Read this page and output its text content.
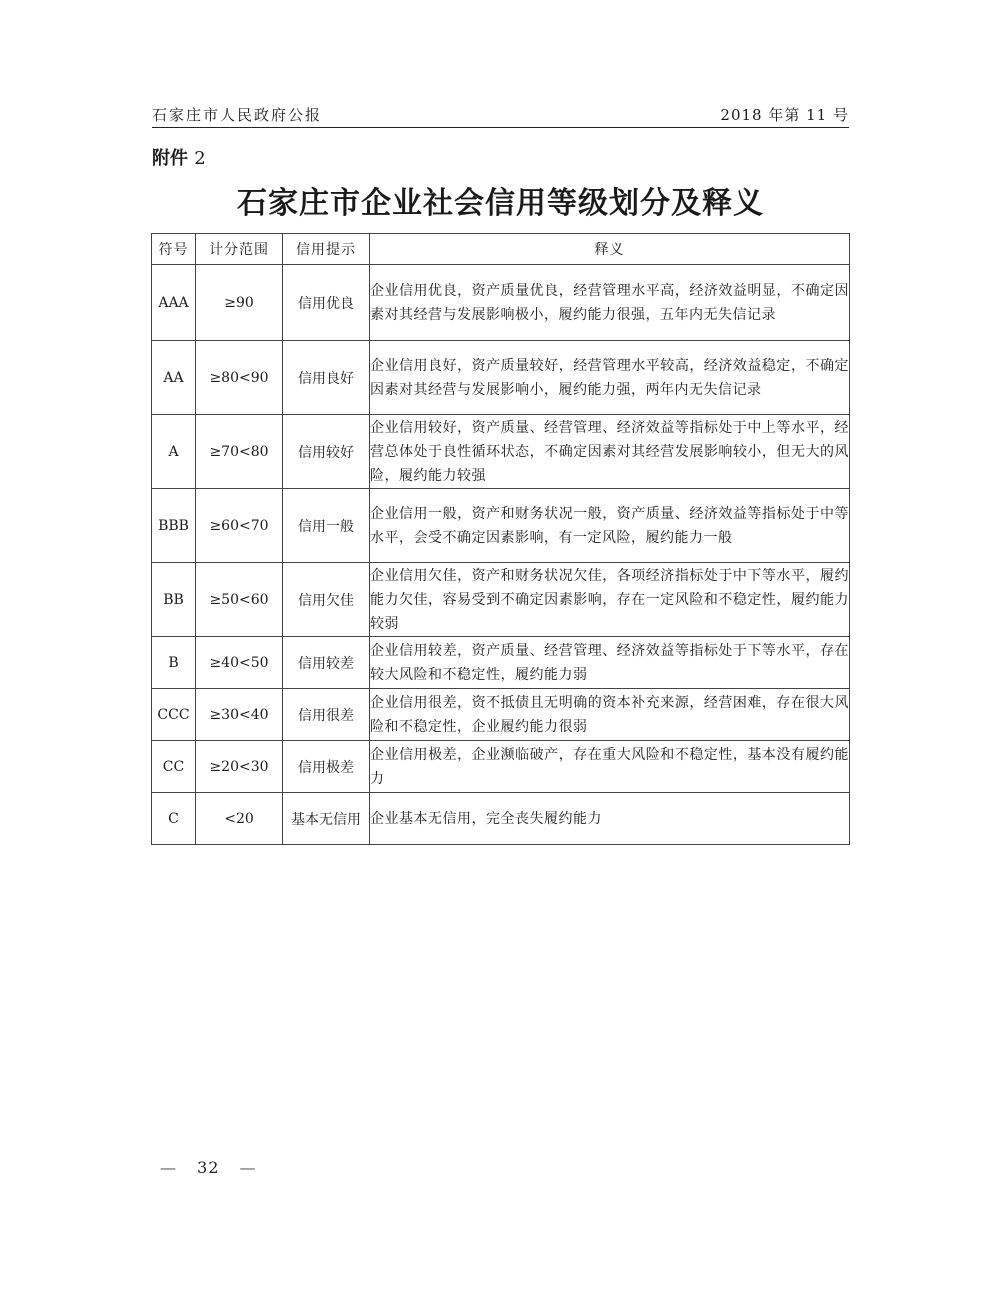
石家庄市人民政府公报	2018 年第 11 号
附件 2
石家庄市企业社会信用等级划分及释义
符号	计分范围	信用提示	释义
AAA	≥90	信用优良	企业信用优良，资产质量优良，经营管理水平高，经济效益明显，不确定因素对其经营与发展影响极小，履约能力很强，五年内无失信记录
AA	≥80<90	信用良好	企业信用良好，资产质量较好，经营管理水平较高，经济效益稳定，不确定因素对其经营与发展影响小，履约能力强，两年内无失信记录
A	≥70<80	信用较好	企业信用较好，资产质量、经营管理、经济效益等指标处于中上等水平，经营总体处于良性循环状态，不确定因素对其经营发展影响较小，但无大的风险，履约能力较强
BBB	≥60<70	信用一般	企业信用一般，资产和财务状况一般，资产质量、经济效益等指标处于中等水平，会受不确定因素影响，有一定风险，履约能力一般
BB	≥50<60	信用欠佳	企业信用欠佳，资产和财务状况欠佳，各项经济指标处于中下等水平，履约能力欠佳，容易受到不确定因素影响，存在一定风险和不稳定性，履约能力较弱
B	≥40<50	信用较差	企业信用较差，资产质量、经营管理、经济效益等指标处于下等水平，存在较大风险和不稳定性，履约能力弱
CCC	≥30<40	信用很差	企业信用很差，资不抵债且无明确的资本补充来源，经营困难，存在很大风险和不稳定性，企业履约能力很弱
CC	≥20<30	信用极差	企业信用极差，企业濒临破产，存在重大风险和不稳定性，基本没有履约能力
C	<20	基本无信用	企业基本无信用，完全丧失履约能力
— 32 —
